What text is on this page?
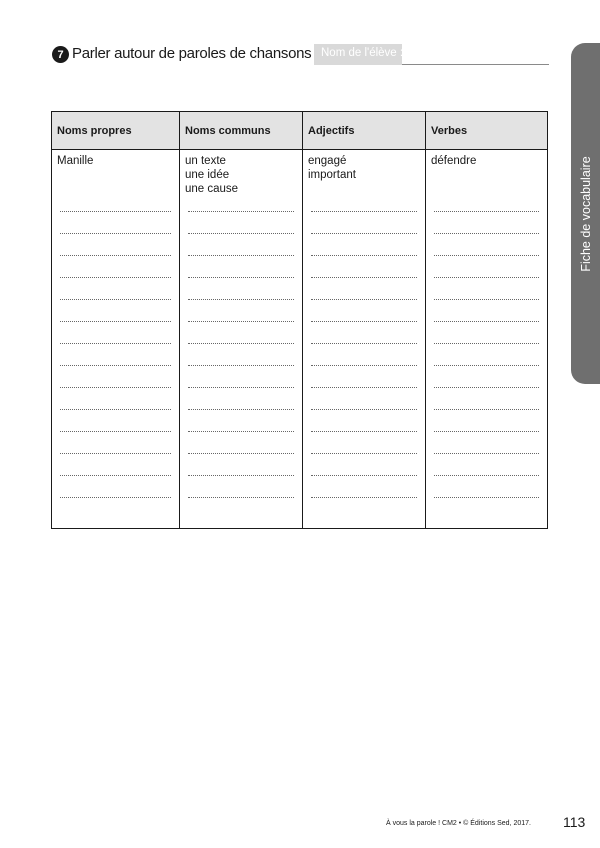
7 Parler autour de paroles de chansons Nom de l'élève :
Fiche de vocabulaire
Noms propres
Manille
Noms communs
un texte
une idée
une cause
Adjectifs
engagé
important
Verbes
défendre
À vous la parole ! CM2 • © Éditions Sed, 2017. 113
